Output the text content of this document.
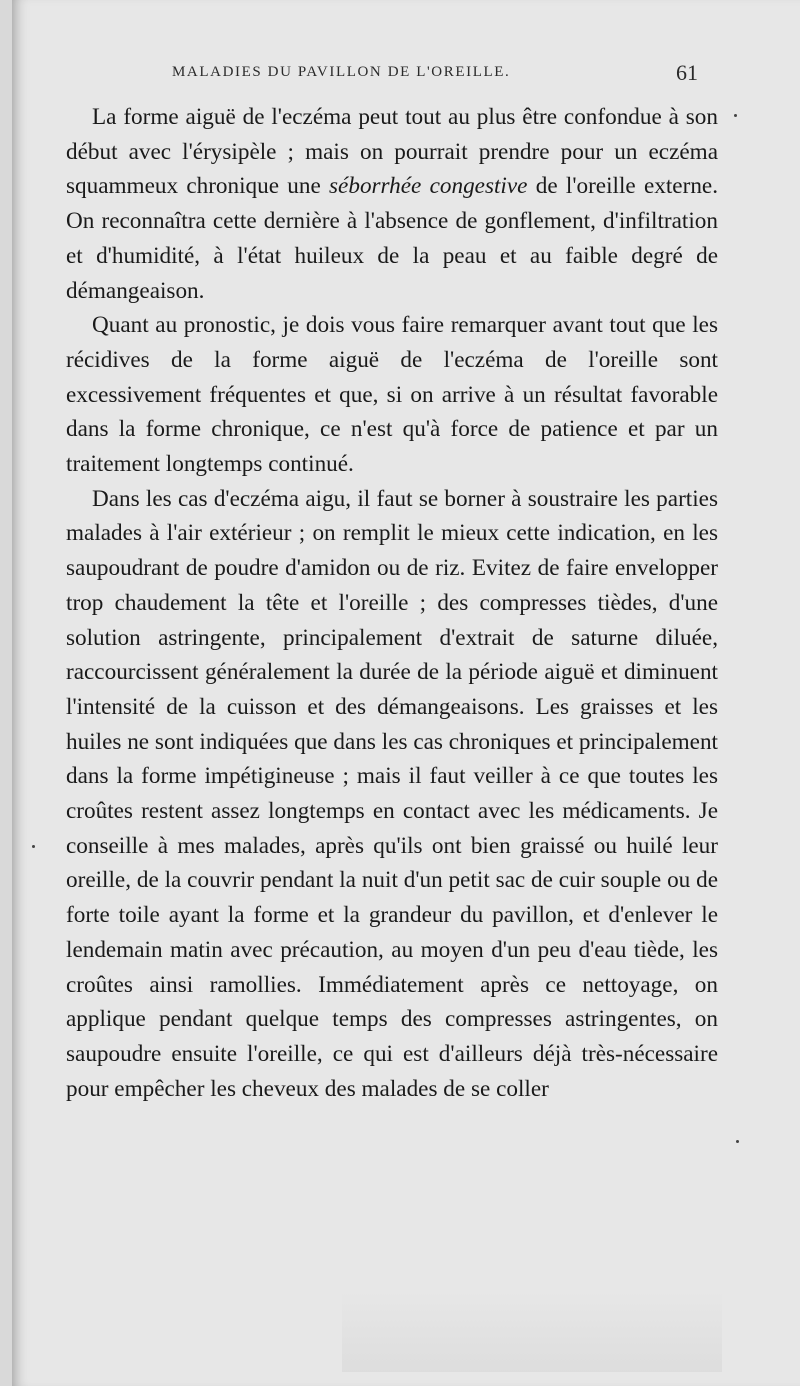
MALADIES DU PAVILLON DE L'OREILLE.	61

La forme aiguë de l'eczéma peut tout au plus être confondue à son début avec l'érysipèle ; mais on pourrait prendre pour un eczéma squammeux chronique une séborrhée congestive de l'oreille externe. On reconnaîtra cette dernière à l'absence de gonflement, d'infiltration et d'humidité, à l'état huileux de la peau et au faible degré de démangeaison.

Quant au pronostic, je dois vous faire remarquer avant tout que les récidives de la forme aiguë de l'eczéma de l'oreille sont excessivement fréquentes et que, si on arrive à un résultat favorable dans la forme chronique, ce n'est qu'à force de patience et par un traitement longtemps continué.

Dans les cas d'eczéma aigu, il faut se borner à soustraire les parties malades à l'air extérieur ; on remplit le mieux cette indication, en les saupoudrant de poudre d'amidon ou de riz. Evitez de faire envelopper trop chaudement la tête et l'oreille ; des compresses tièdes, d'une solution astringente, principalement d'extrait de saturne diluée, raccourcissent généralement la durée de la période aiguë et diminuent l'intensité de la cuisson et des démangeaisons. Les graisses et les huiles ne sont indiquées que dans les cas chroniques et principalement dans la forme impétigineuse ; mais il faut veiller à ce que toutes les croûtes restent assez longtemps en contact avec les médicaments. Je conseille à mes malades, après qu'ils ont bien graissé ou huilé leur oreille, de la couvrir pendant la nuit d'un petit sac de cuir souple ou de forte toile ayant la forme et la grandeur du pavillon, et d'enlever le lendemain matin avec précaution, au moyen d'un peu d'eau tiède, les croûtes ainsi ramollies. Immédiatement après ce nettoyage, on applique pendant quelque temps des compresses astringentes, on saupoudre ensuite l'oreille, ce qui est d'ailleurs déjà très-nécessaire pour empêcher les cheveux des malades de se coller
